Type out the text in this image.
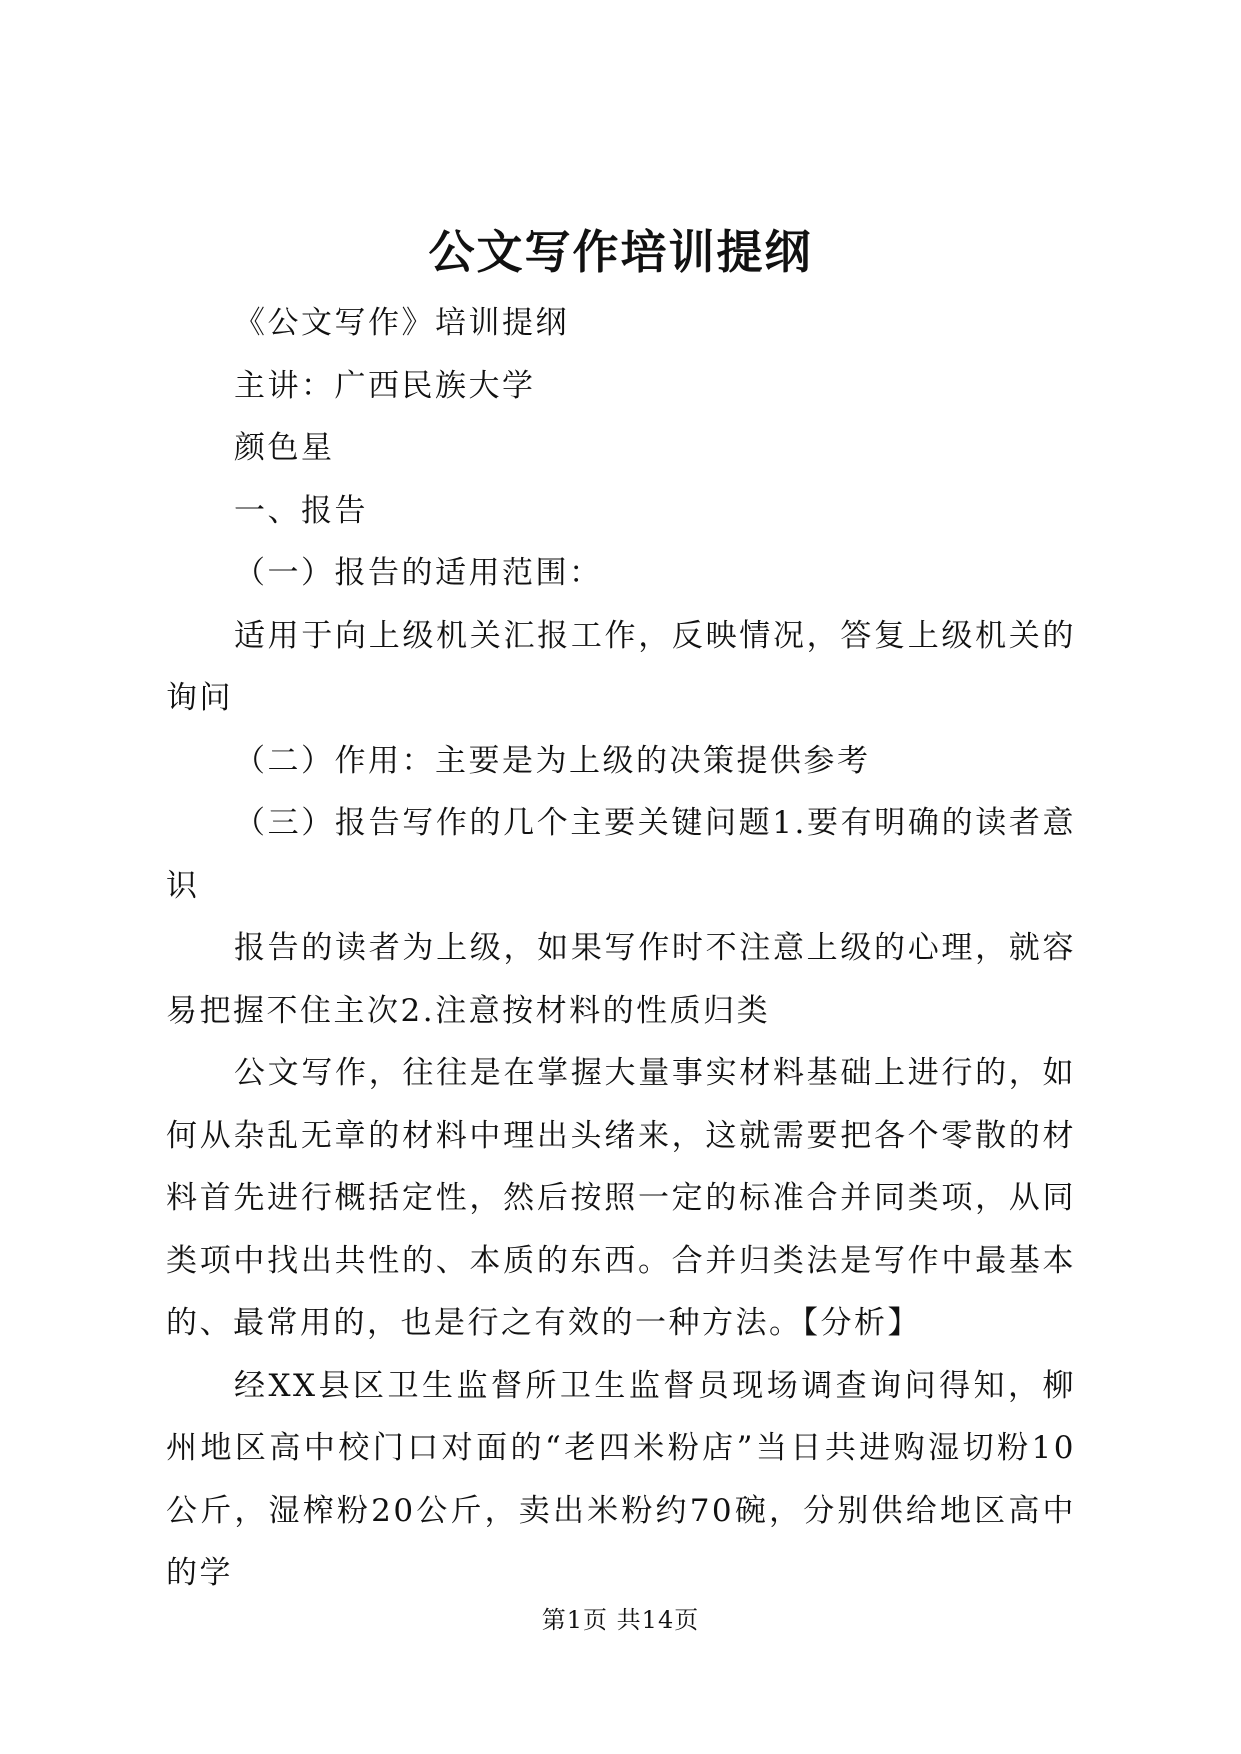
公文写作培训提纲

《公文写作》培训提纲

主讲：广西民族大学

颜色星

一、报告

（一）报告的适用范围：

适用于向上级机关汇报工作，反映情况，答复上级机关的询问

（二）作用：主要是为上级的决策提供参考

（三）报告写作的几个主要关键问题1.要有明确的读者意识

报告的读者为上级，如果写作时不注意上级的心理，就容易把握不住主次2.注意按材料的性质归类

公文写作，往往是在掌握大量事实材料基础上进行的，如何从杂乱无章的材料中理出头绪来，这就需要把各个零散的材料首先进行概括定性，然后按照一定的标准合并同类项，从同类项中找出共性的、本质的东西。合并归类法是写作中最基本的、最常用的，也是行之有效的一种方法。【分析】

经XX县区卫生监督所卫生监督员现场调查询问得知，柳州地区高中校门口对面的“老四米粉店”当日共进购湿切粉10公斤，湿榨粉20公斤，卖出米粉约70碗，分别供给地区高中的学

第1页 共14页
